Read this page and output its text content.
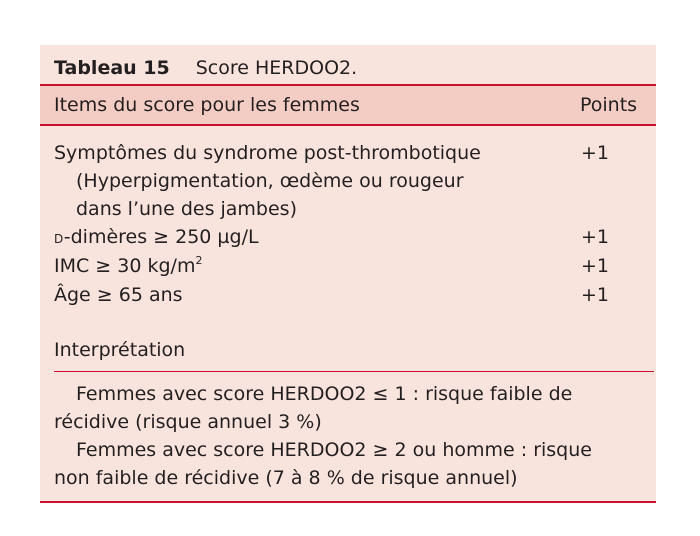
Tableau 15 Score HERDOO2.
Items du score pour les femmes	Points
Symptômes du syndrome post-thrombotique	+1
(Hyperpigmentation, œdème ou rougeur
dans l’une des jambes)
D-dimères ≥ 250 µg/L	+1
IMC ≥ 30 $kg/m^2$	+1
Âge ≥ 65 ans	+1
Interprétation
Femmes avec score HERDOO2 ≤ 1 : risque faible de
récidive (risque annuel 3 %)
Femmes avec score HERDOO2 ≥ 2 ou homme : risque
non faible de récidive (7 à 8 % de risque annuel)
